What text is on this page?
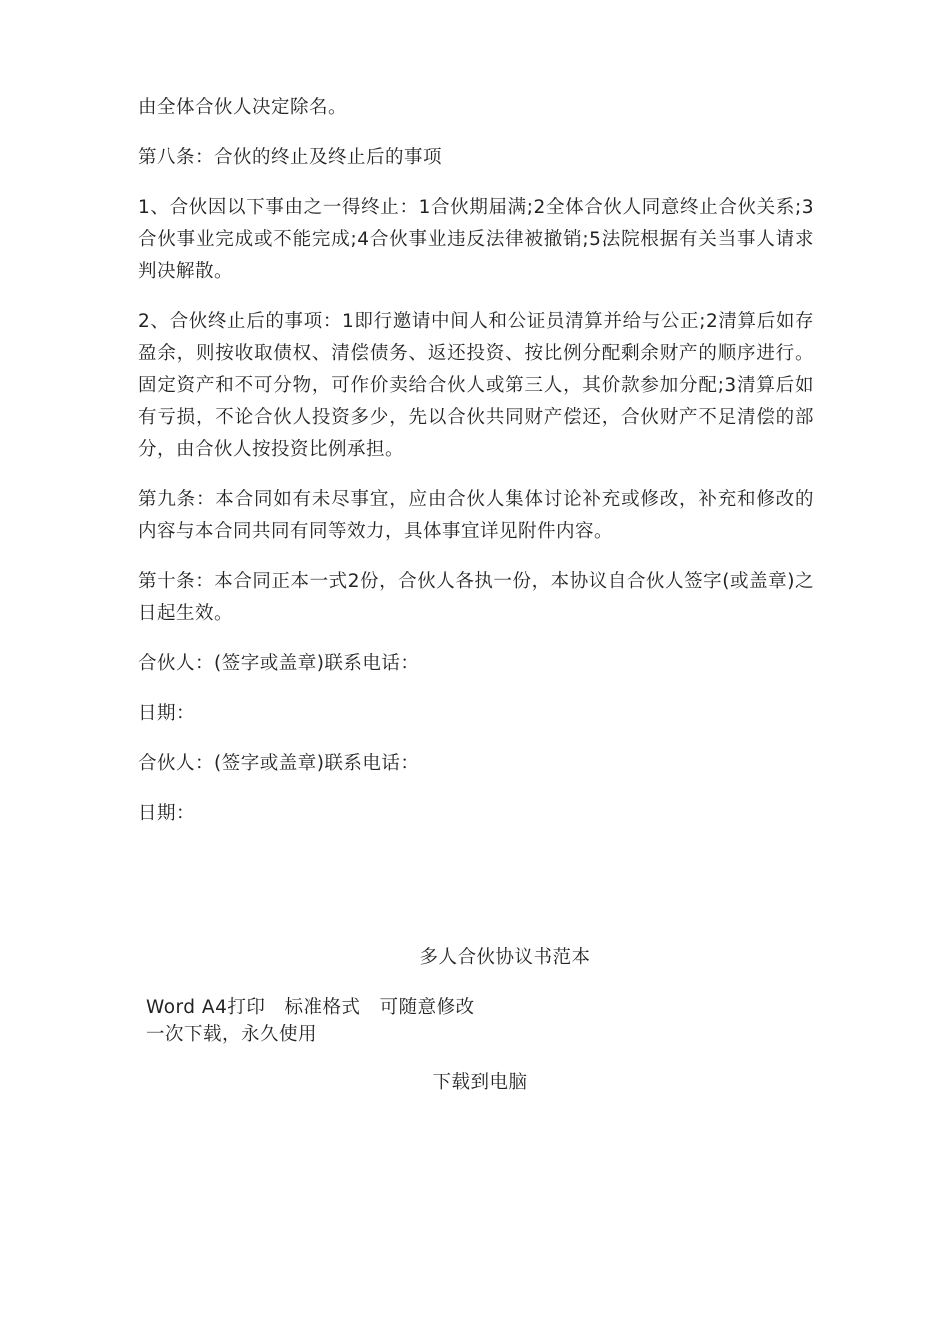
由全体合伙人决定除名。

第八条：合伙的终止及终止后的事项

1、合伙因以下事由之一得终止：1合伙期届满;2全体合伙人同意终止合伙关系;3合伙事业完成或不能完成;4合伙事业违反法律被撤销;5法院根据有关当事人请求判决解散。

2、合伙终止后的事项：1即行邀请中间人和公证员清算并给与公正;2清算后如存盈余，则按收取债权、清偿债务、返还投资、按比例分配剩余财产的顺序进行。固定资产和不可分物，可作价卖给合伙人或第三人，其价款参加分配;3清算后如有亏损，不论合伙人投资多少，先以合伙共同财产偿还，合伙财产不足清偿的部分，由合伙人按投资比例承担。

第九条：本合同如有未尽事宜，应由合伙人集体讨论补充或修改，补充和修改的内容与本合同共同有同等效力，具体事宜详见附件内容。

第十条：本合同正本一式2份，合伙人各执一份，本协议自合伙人签字(或盖章)之日起生效。

合伙人：(签字或盖章)联系电话：

日期：

合伙人：(签字或盖章)联系电话：

日期：

多人合伙协议书范本
Word A4打印   标准格式   可随意修改
一次下载，永久使用
下载到电脑
